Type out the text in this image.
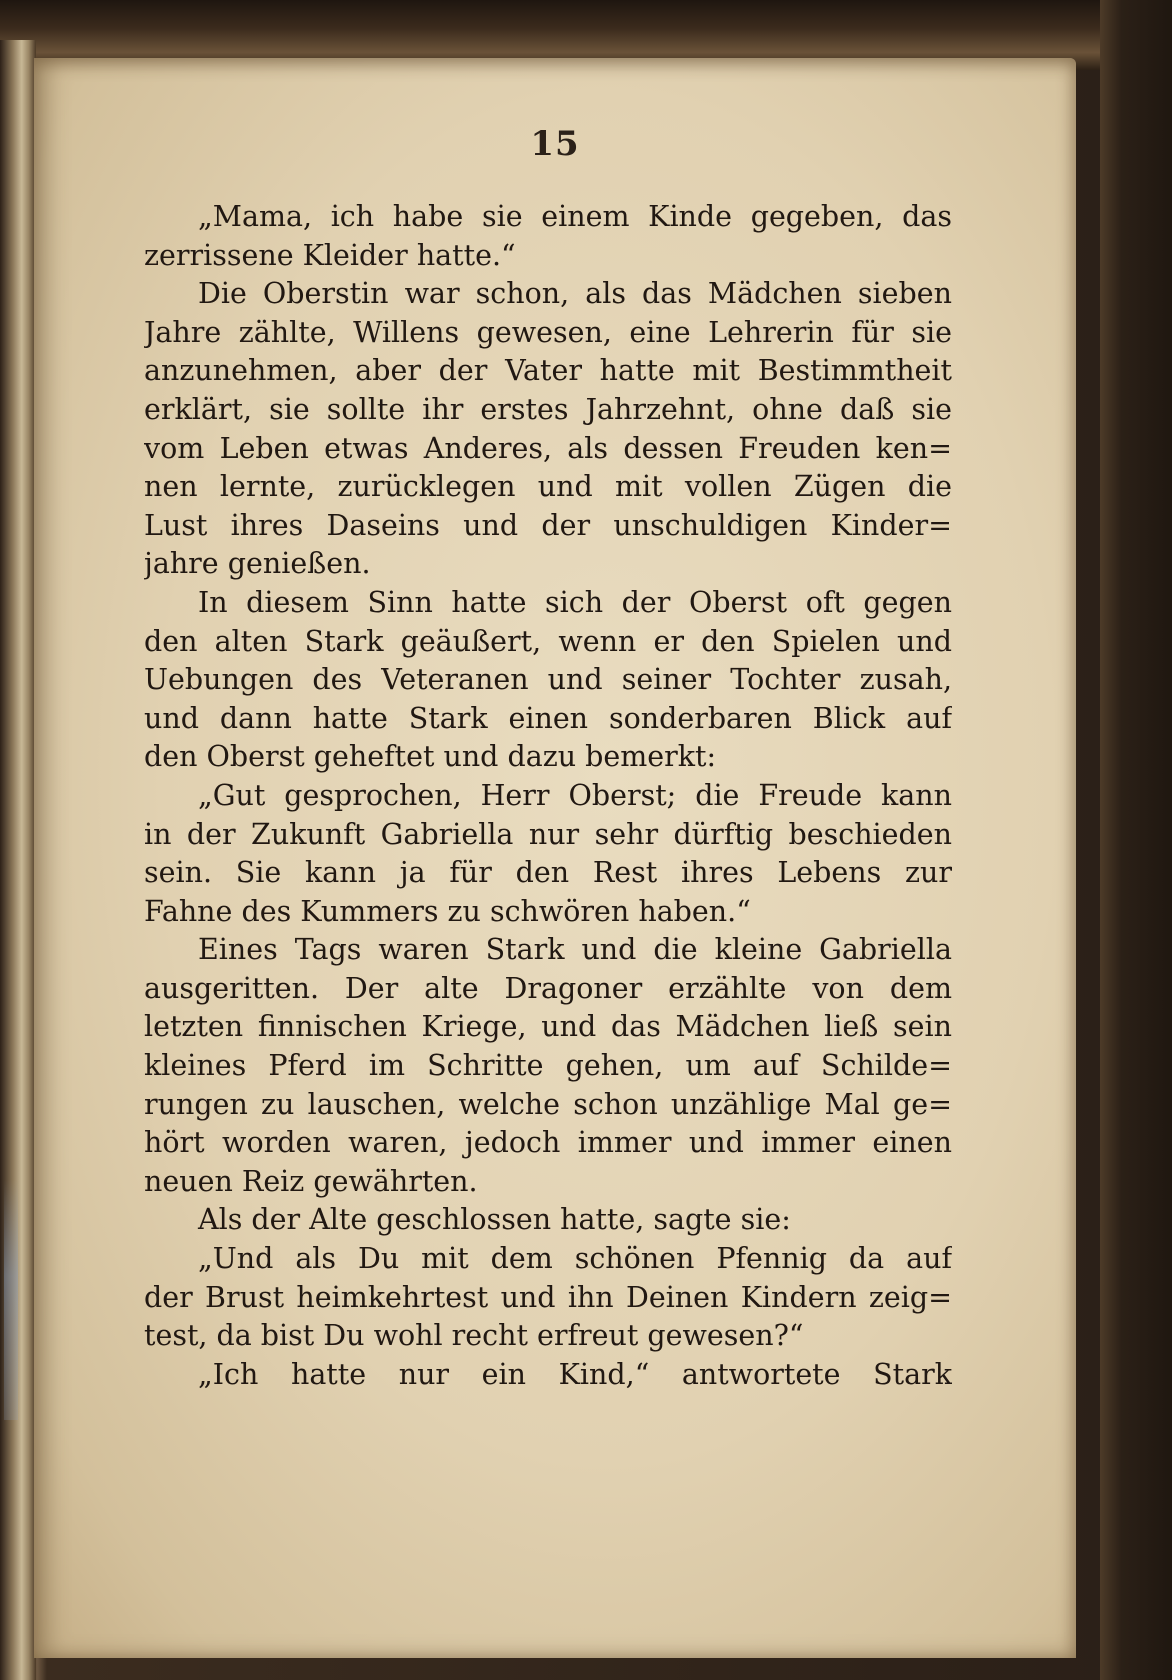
15
„Mama, ich habe sie einem Kinde gegeben, das
zerrissene Kleider hatte.“
Die Oberstin war schon, als das Mädchen sieben
Jahre zählte, Willens gewesen, eine Lehrerin für sie
anzunehmen, aber der Vater hatte mit Bestimmtheit
erklärt, sie sollte ihr erstes Jahrzehnt, ohne daß sie
vom Leben etwas Anderes, als dessen Freuden ken=
nen lernte, zurücklegen und mit vollen Zügen die
Lust ihres Daseins und der unschuldigen Kinder=
jahre genießen.
In diesem Sinn hatte sich der Oberst oft gegen
den alten Stark geäußert, wenn er den Spielen und
Uebungen des Veteranen und seiner Tochter zusah,
und dann hatte Stark einen sonderbaren Blick auf
den Oberst geheftet und dazu bemerkt:
„Gut gesprochen, Herr Oberst; die Freude kann
in der Zukunft Gabriella nur sehr dürftig beschieden
sein. Sie kann ja für den Rest ihres Lebens zur
Fahne des Kummers zu schwören haben.“
Eines Tags waren Stark und die kleine Gabriella
ausgeritten. Der alte Dragoner erzählte von dem
letzten finnischen Kriege, und das Mädchen ließ sein
kleines Pferd im Schritte gehen, um auf Schilde=
rungen zu lauschen, welche schon unzählige Mal ge=
hört worden waren, jedoch immer und immer einen
neuen Reiz gewährten.
Als der Alte geschlossen hatte, sagte sie:
„Und als Du mit dem schönen Pfennig da auf
der Brust heimkehrtest und ihn Deinen Kindern zeig=
test, da bist Du wohl recht erfreut gewesen?“
„Ich hatte nur ein Kind,“ antwortete Stark
